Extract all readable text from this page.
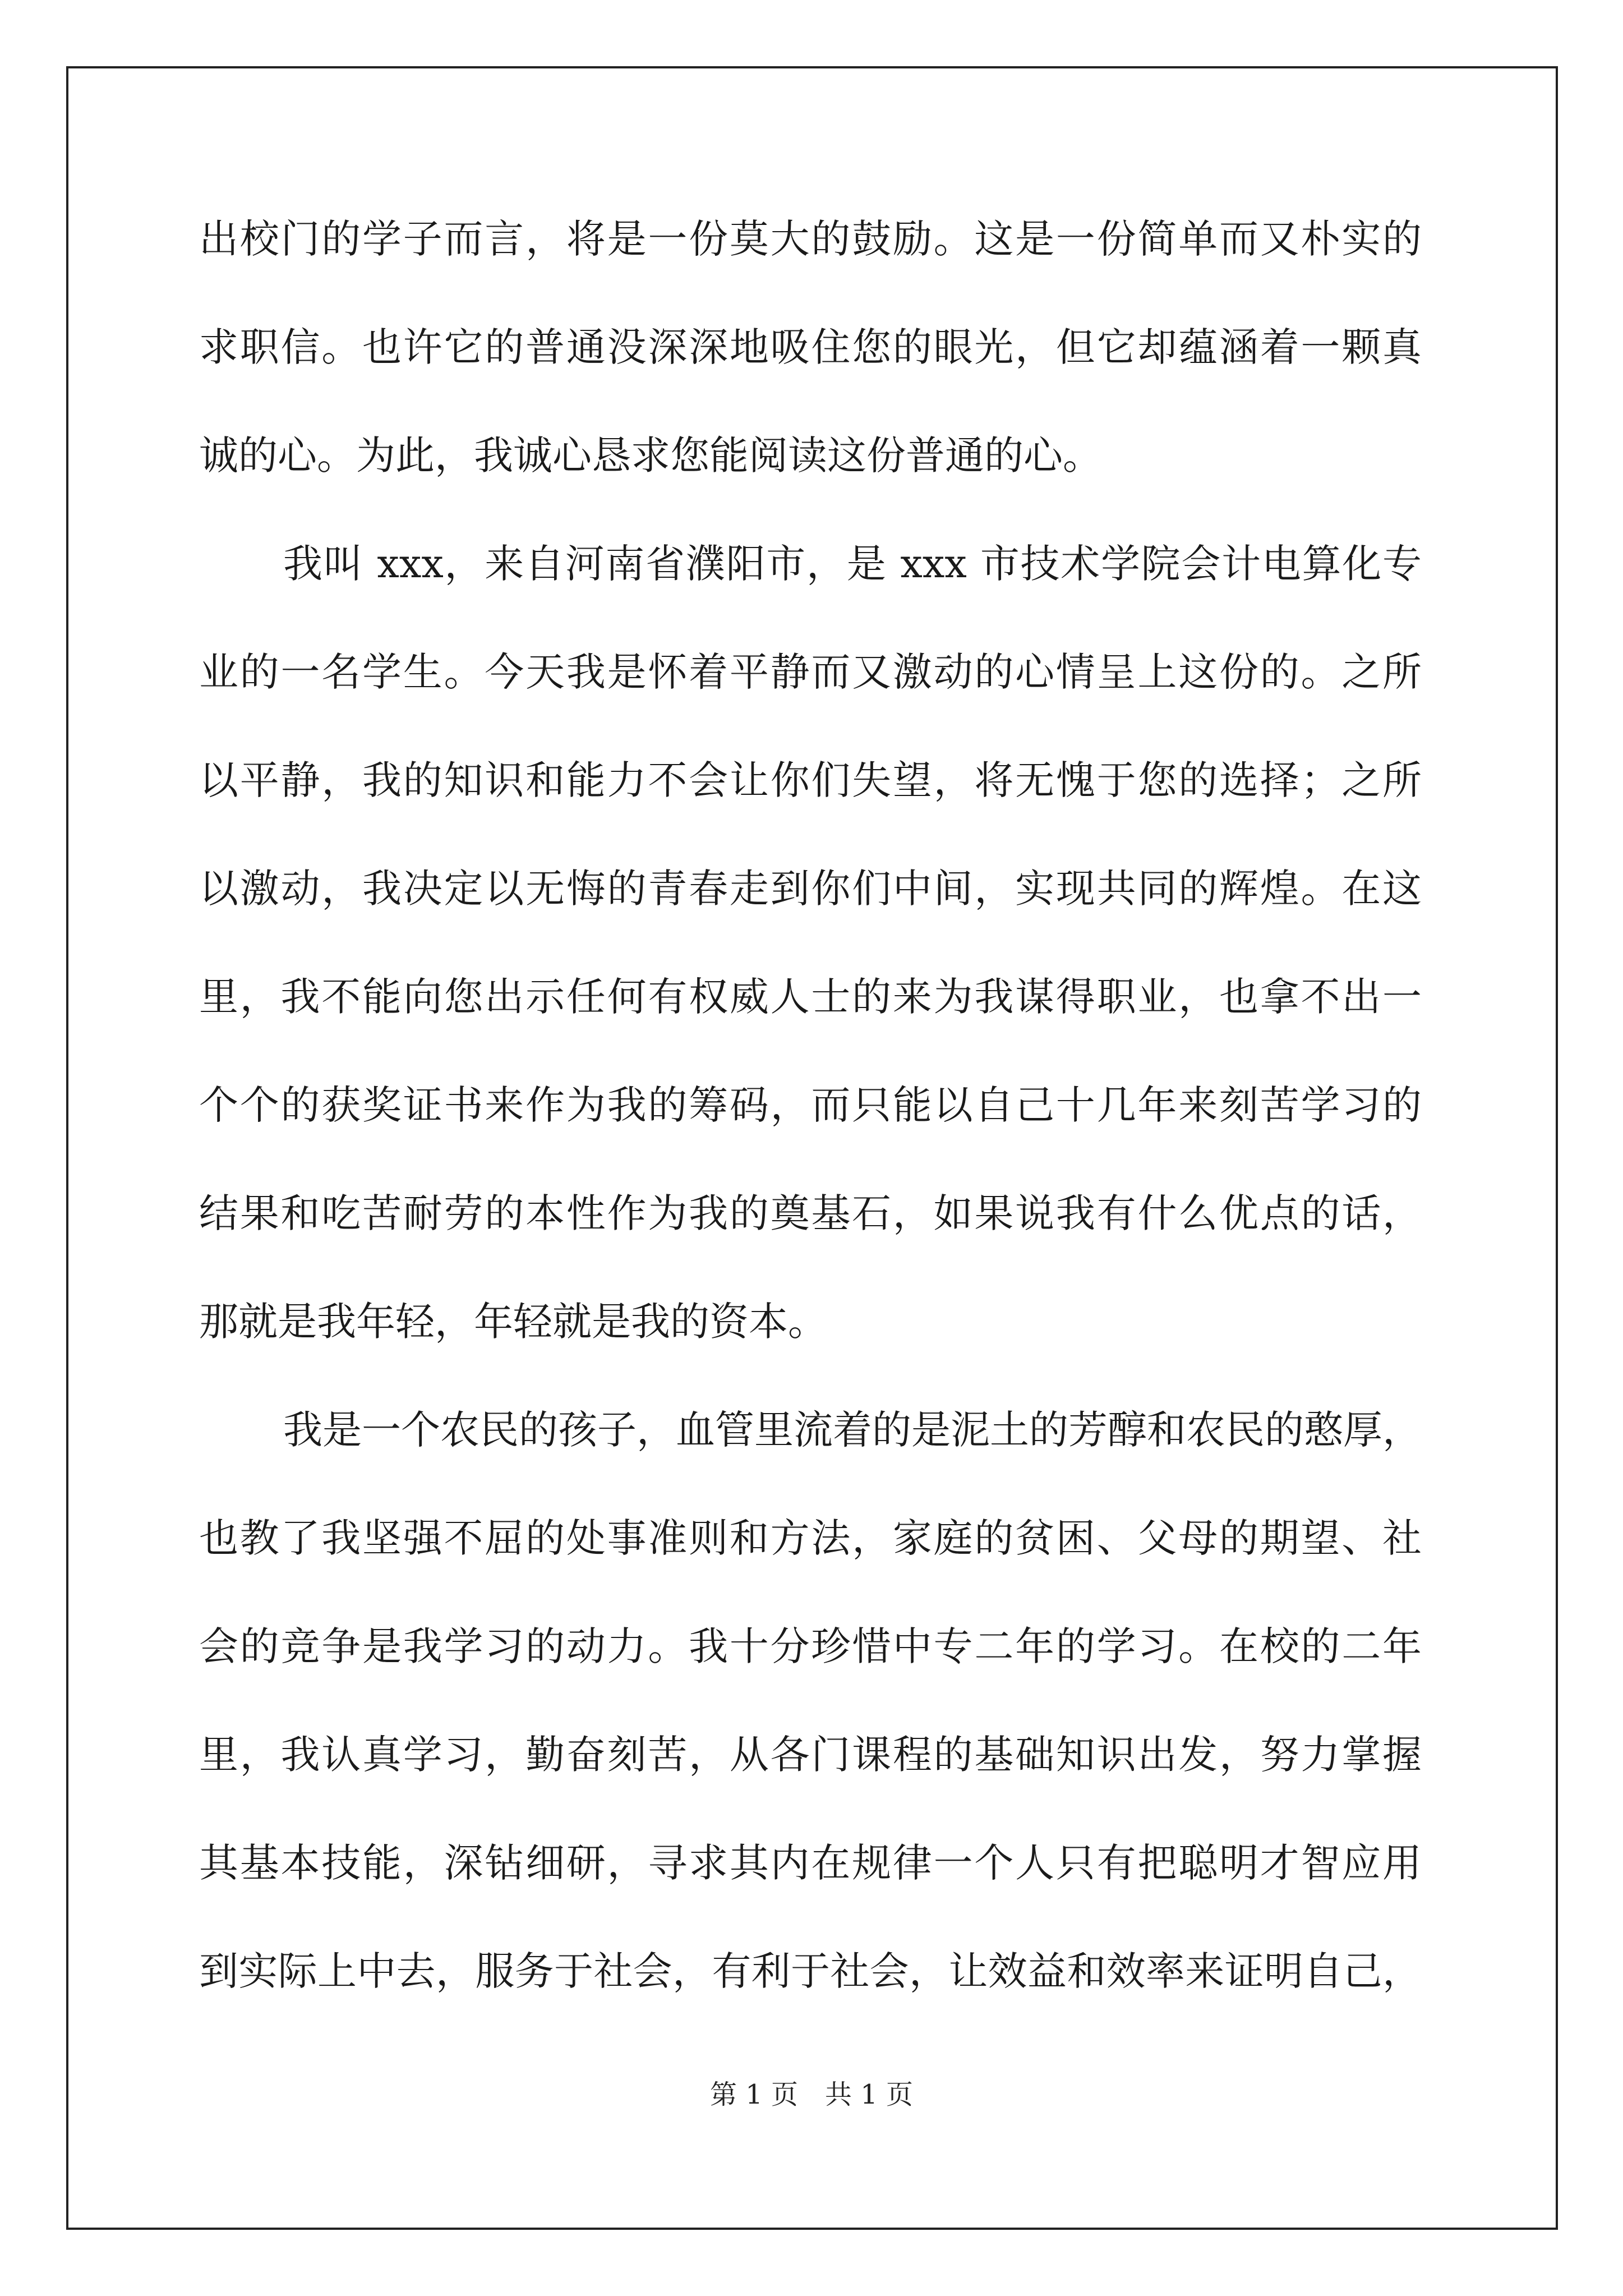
出校门的学子而言，将是一份莫大的鼓励。这是一份简单而又朴实的
求职信。也许它的普通没深深地吸住您的眼光，但它却蕴涵着一颗真
诚的心。为此，我诚心恳求您能阅读这份普通的心。
我叫 xxx，来自河南省濮阳市，是 xxx 市技术学院会计电算化专
业的一名学生。今天我是怀着平静而又激动的心情呈上这份的。之所
以平静，我的知识和能力不会让你们失望，将无愧于您的选择；之所
以激动，我决定以无悔的青春走到你们中间，实现共同的辉煌。在这
里，我不能向您出示任何有权威人士的来为我谋得职业，也拿不出一
个个的获奖证书来作为我的筹码，而只能以自己十几年来刻苦学习的
结果和吃苦耐劳的本性作为我的奠基石，如果说我有什么优点的话，
那就是我年轻，年轻就是我的资本。
我是一个农民的孩子，血管里流着的是泥土的芳醇和农民的憨厚，
也教了我坚强不屈的处事准则和方法，家庭的贫困、父母的期望、社
会的竞争是我学习的动力。我十分珍惜中专二年的学习。在校的二年
里，我认真学习，勤奋刻苦，从各门课程的基础知识出发，努力掌握
其基本技能，深钻细研，寻求其内在规律一个人只有把聪明才智应用
到实际上中去，服务于社会，有利于社会，让效益和效率来证明自己，
第 1 页　共 1 页
